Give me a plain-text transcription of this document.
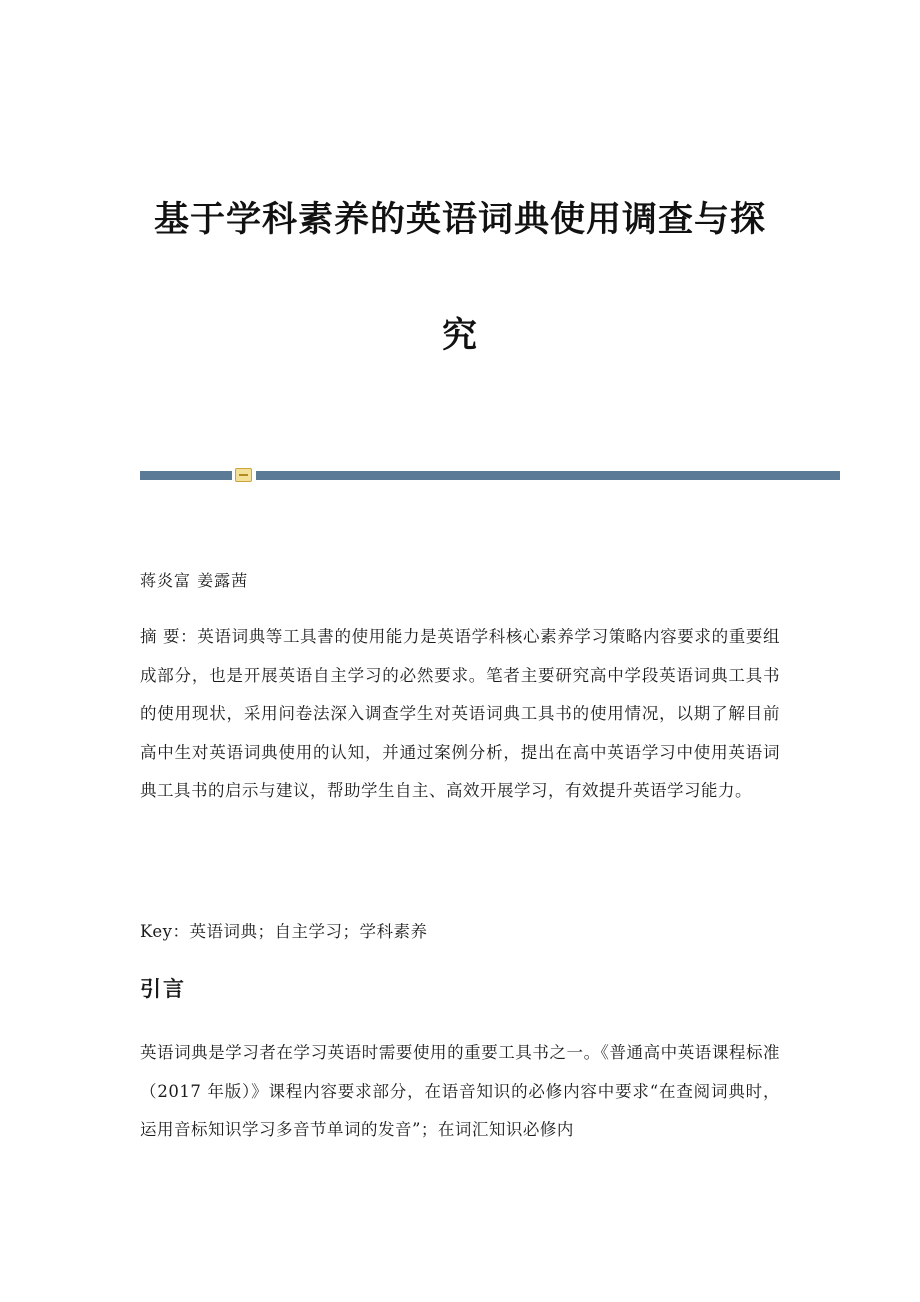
基于学科素养的英语词典使用调查与探
究
蒋炎富 姜露茜

摘 要：英语词典等工具書的使用能力是英语学科核心素养学习策略内容要求的重要组成部分，也是开展英语自主学习的必然要求。笔者主要研究高中学段英语词典工具书的使用现状，采用问卷法深入调查学生对英语词典工具书的使用情况，以期了解目前高中生对英语词典使用的认知，并通过案例分析，提出在高中英语学习中使用英语词典工具书的启示与建议，帮助学生自主、高效开展学习，有效提升英语学习能力。

Key：英语词典；自主学习；学科素养
引言

英语词典是学习者在学习英语时需要使用的重要工具书之一。《普通高中英语课程标准（2017 年版）》课程内容要求部分，在语音知识的必修内容中要求“在查阅词典时，运用音标知识学习多音节单词的发音”；在词汇知识必修内
